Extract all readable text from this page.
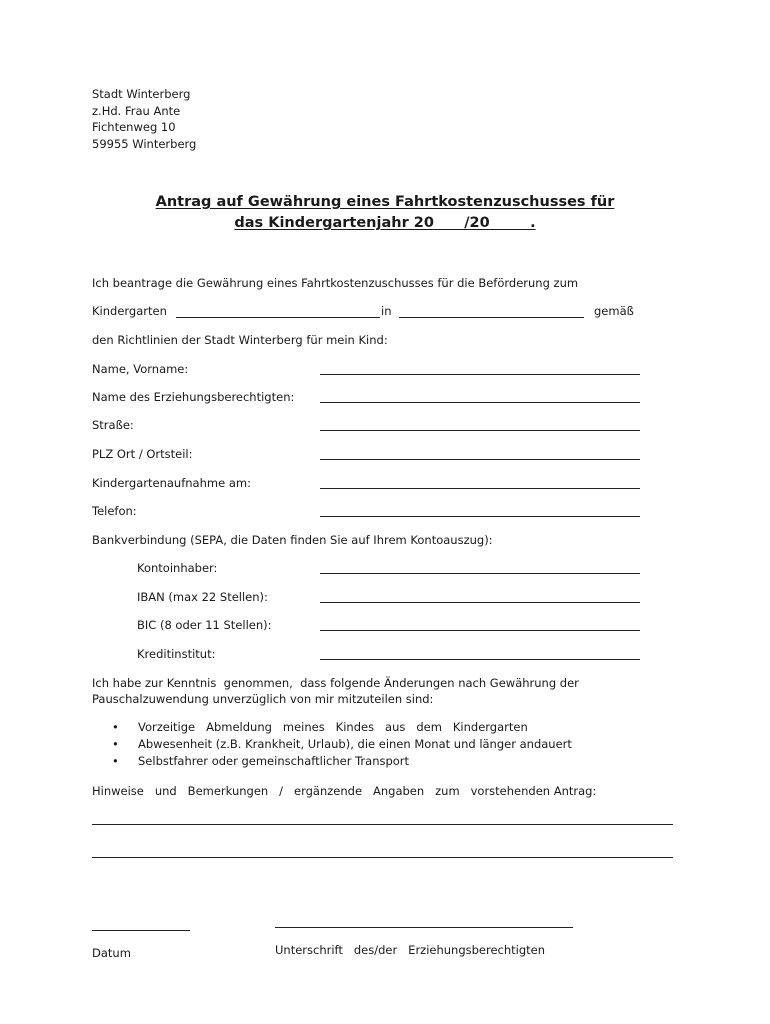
Stadt Winterberg
z.Hd. Frau Ante
Fichtenweg 10
59955 Winterberg
Antrag auf Gewährung eines Fahrtkostenzuschusses für
das Kindergartenjahr 20      /20        .
Ich beantrage die Gewährung eines Fahrtkostenzuschusses für die Beförderung zum
Kindergarten	in	gemäß
den Richtlinien der Stadt Winterberg für mein Kind:
Name, Vorname:
Name des Erziehungsberechtigten:
Straße:
PLZ Ort / Ortsteil:
Kindergartenaufnahme am:
Telefon:
Bankverbindung (SEPA, die Daten finden Sie auf Ihrem Kontoauszug):
Kontoinhaber:
IBAN (max 22 Stellen):
BIC (8 oder 11 Stellen):
Kreditinstitut:
Ich habe zur Kenntnis  genommen,  dass folgende Änderungen nach Gewährung der
Pauschalzuwendung unverzüglich von mir mitzuteilen sind:
• Vorzeitige   Abmeldung   meines   Kindes   aus   dem   Kindergarten
• Abwesenheit (z.B. Krankheit, Urlaub), die einen Monat und länger andauert
• Selbstfahrer oder gemeinschaftlicher Transport
Hinweise   und   Bemerkungen   /   ergänzende   Angaben   zum   vorstehenden Antrag:
Datum	Unterschrift   des/der   Erziehungsberechtigten
